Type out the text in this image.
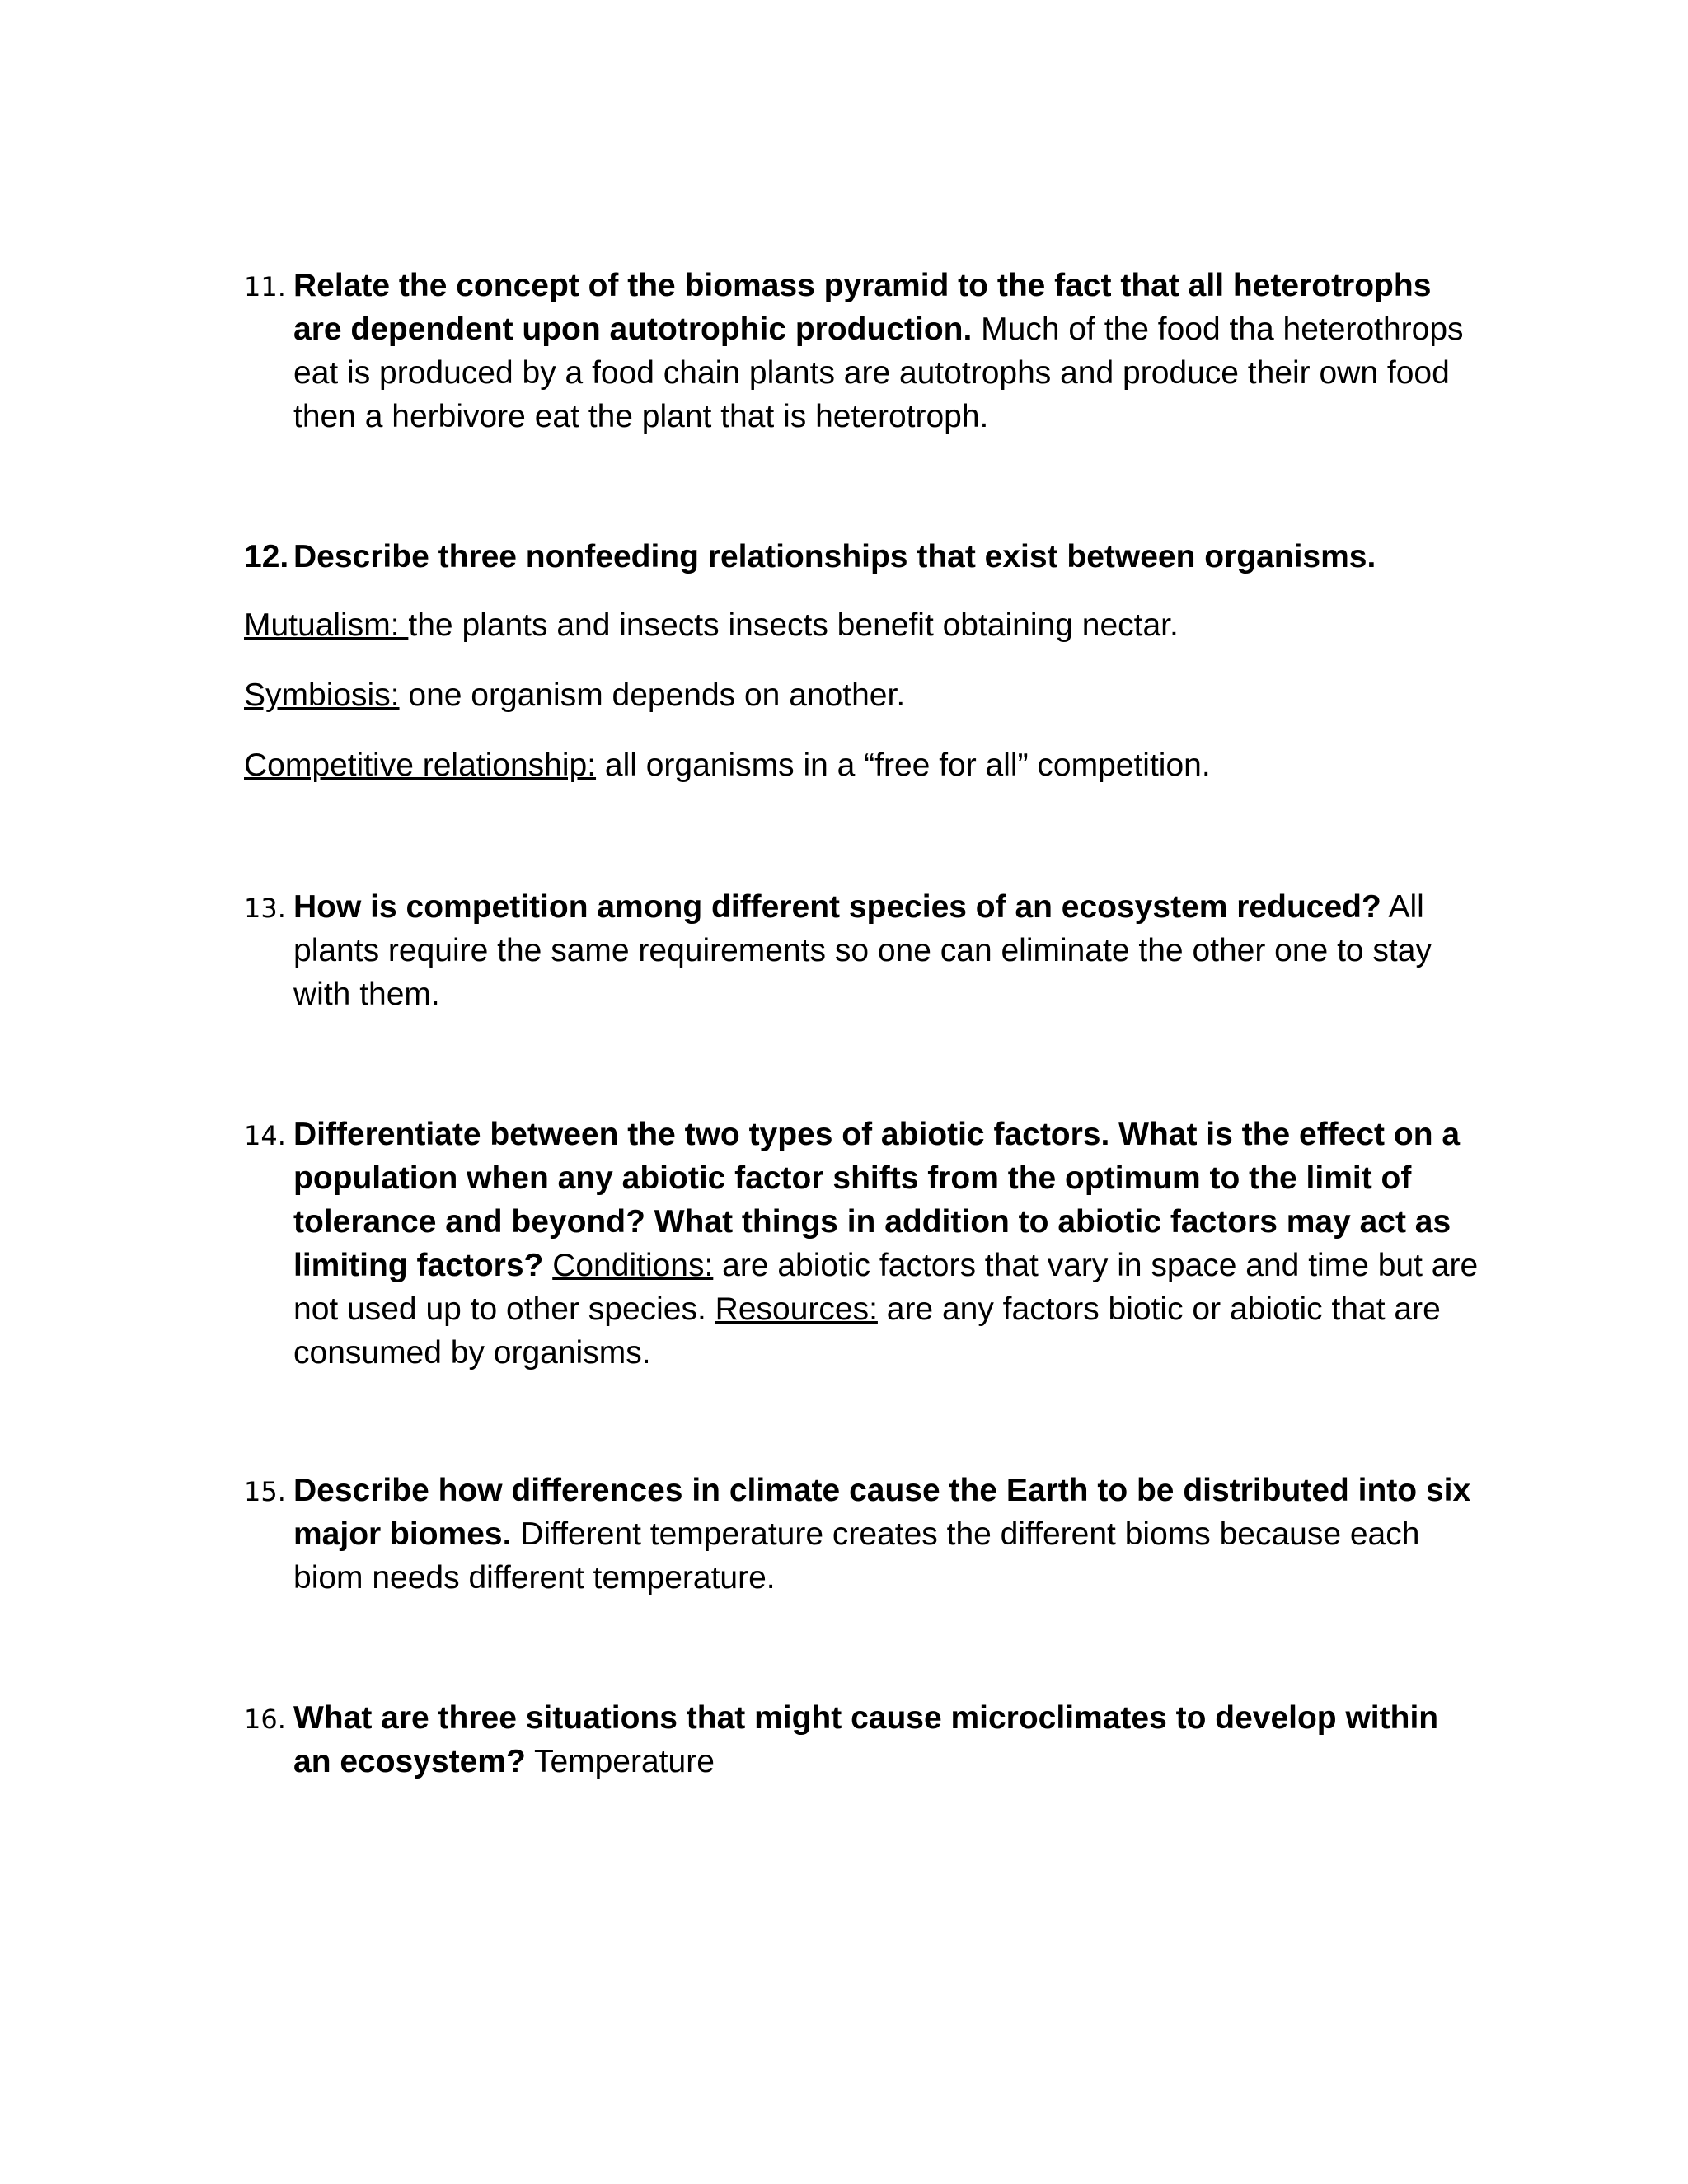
11. Relate the concept of the biomass pyramid to the fact that all heterotrophs are dependent upon autotrophic production. Much of the food tha heterothrops eat is produced by a food chain plants are autotrophs and produce their own food then a herbivore eat the plant that is heterotroph.
12. Describe three nonfeeding relationships that exist between organisms.
Mutualism: the plants and insects insects benefit obtaining nectar.
Symbiosis: one organism depends on another.
Competitive relationship: all organisms in a “free for all” competition.
13. How is competition among different species of an ecosystem reduced? All plants require the same requirements so one can eliminate the other one to stay with them.
14. Differentiate between the two types of abiotic factors. What is the effect on a population when any abiotic factor shifts from the optimum to the limit of tolerance and beyond? What things in addition to abiotic factors may act as limiting factors? Conditions: are abiotic factors that vary in space and time but are not used up to other species. Resources: are any factors biotic or abiotic that are consumed by organisms.
15. Describe how differences in climate cause the Earth to be distributed into six major biomes. Different temperature creates the different bioms because each biom needs different temperature.
16. What are three situations that might cause microclimates to develop within an ecosystem? Temperature
